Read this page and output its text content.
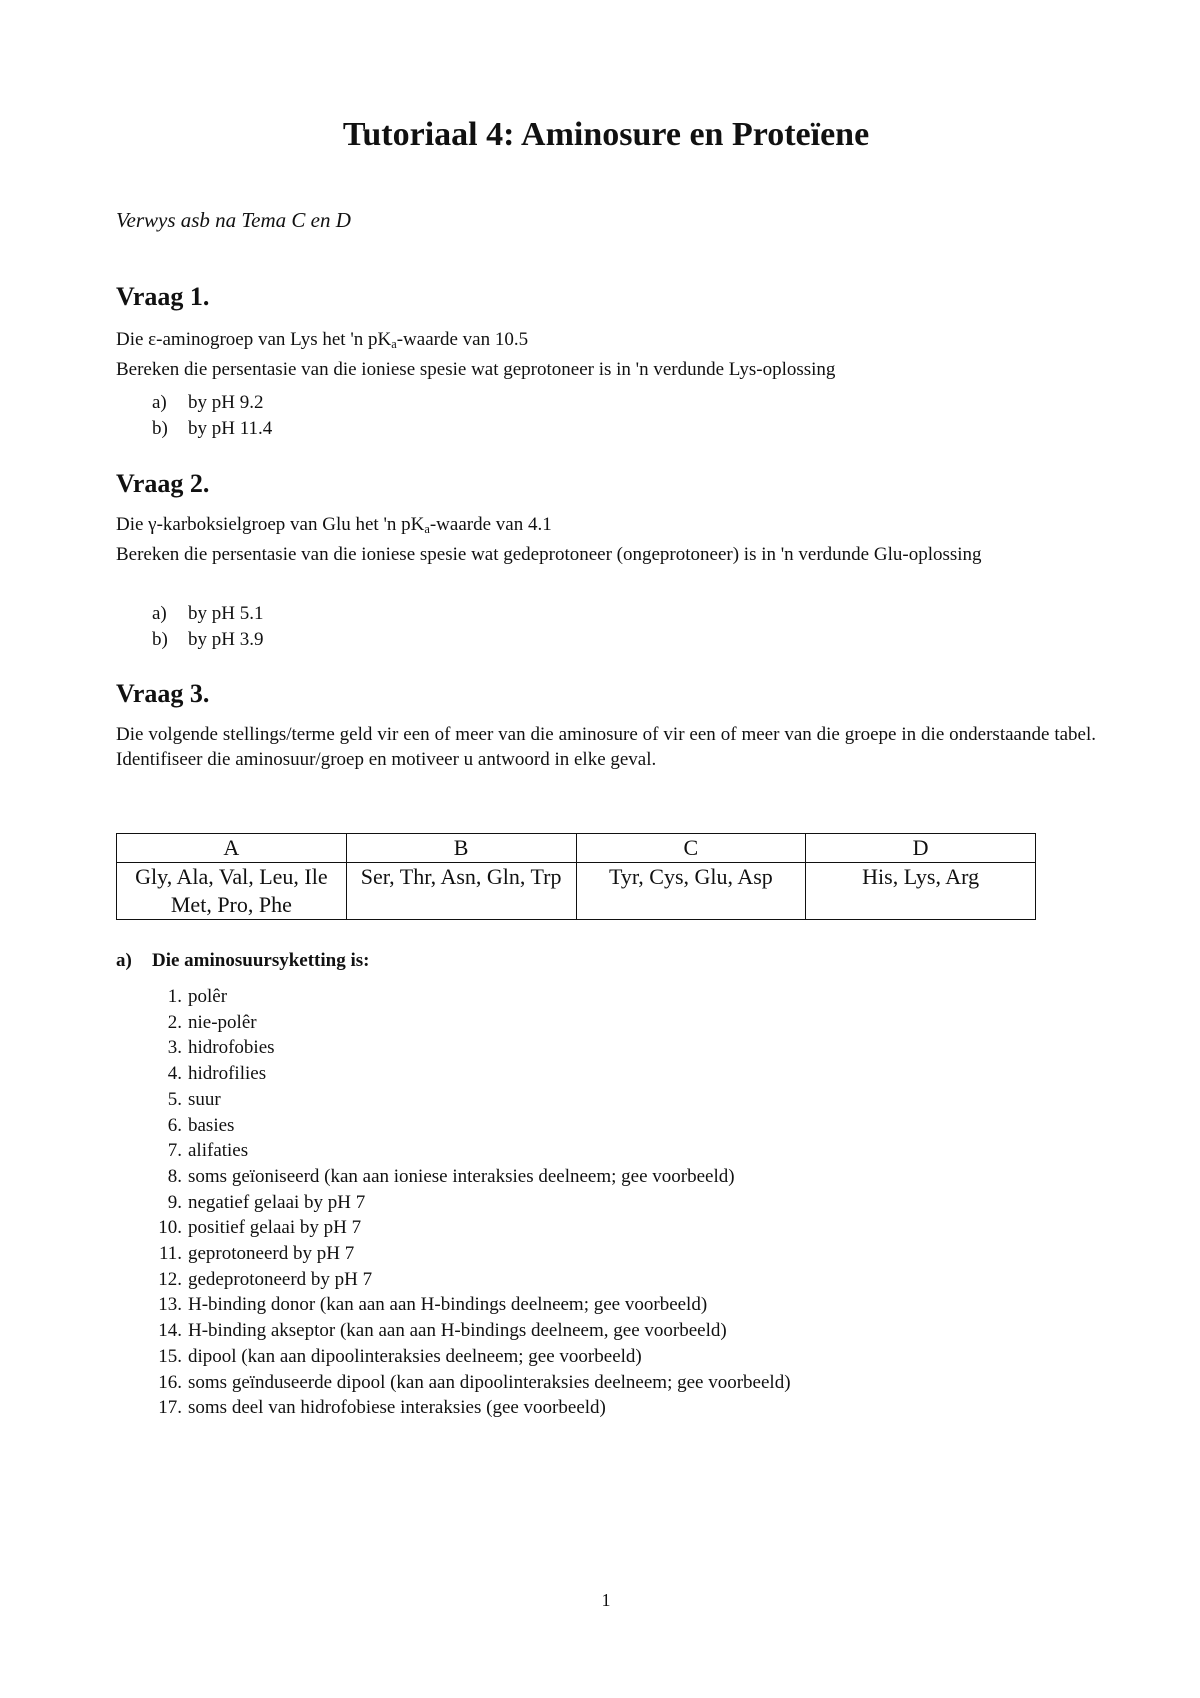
Tutoriaal 4: Aminosure en Proteïene

Verwys asb na Tema C en D

Vraag 1.
Die ε-aminogroep van Lys het 'n $pK_a$-waarde van 10.5
Bereken die persentasie van die ioniese spesie wat geprotoneer is in 'n verdunde Lys-oplossing
a)	by pH 9.2
b)	by pH 11.4
Vraag 2.
Die γ-karboksielgroep van Glu het 'n $pK_a$-waarde van 4.1
Bereken die persentasie van die ioniese spesie wat gedeprotoneer (ongeprotoneer) is in 'n verdunde Glu-oplossing
a)	by pH 5.1
b)	by pH 3.9
Vraag 3.

Die volgende stellings/terme geld vir een of meer van die aminosure of vir een of meer van die groepe in die onderstaande tabel. Identifiseer die aminosuur/groep en motiveer u antwoord in elke geval.

A	B	C	D
Gly, Ala, Val, Leu, Ile Met, Pro, Phe	Ser, Thr, Asn, Gln, Trp	Tyr, Cys, Glu, Asp	His, Lys, Arg

a) Die aminosuursyketting is:

1. polêr
2. nie-polêr
3. hidrofobies
4. hidrofilies
5. suur
6. basies
7. alifaties
8. soms geïoniseerd (kan aan ioniese interaksies deelneem; gee voorbeeld)
9. negatief gelaai by pH 7
10. positief gelaai by pH 7
11. geprotoneerd by pH 7
12. gedeprotoneerd by pH 7
13. H-binding donor (kan aan aan H-bindings deelneem; gee voorbeeld)
14. H-binding akseptor (kan aan aan H-bindings deelneem, gee voorbeeld)
15. dipool (kan aan dipoolinteraksies deelneem; gee voorbeeld)
16. soms geïnduseerde dipool (kan aan dipoolinteraksies deelneem; gee voorbeeld)
17. soms deel van hidrofobiese interaksies (gee voorbeeld)
1
